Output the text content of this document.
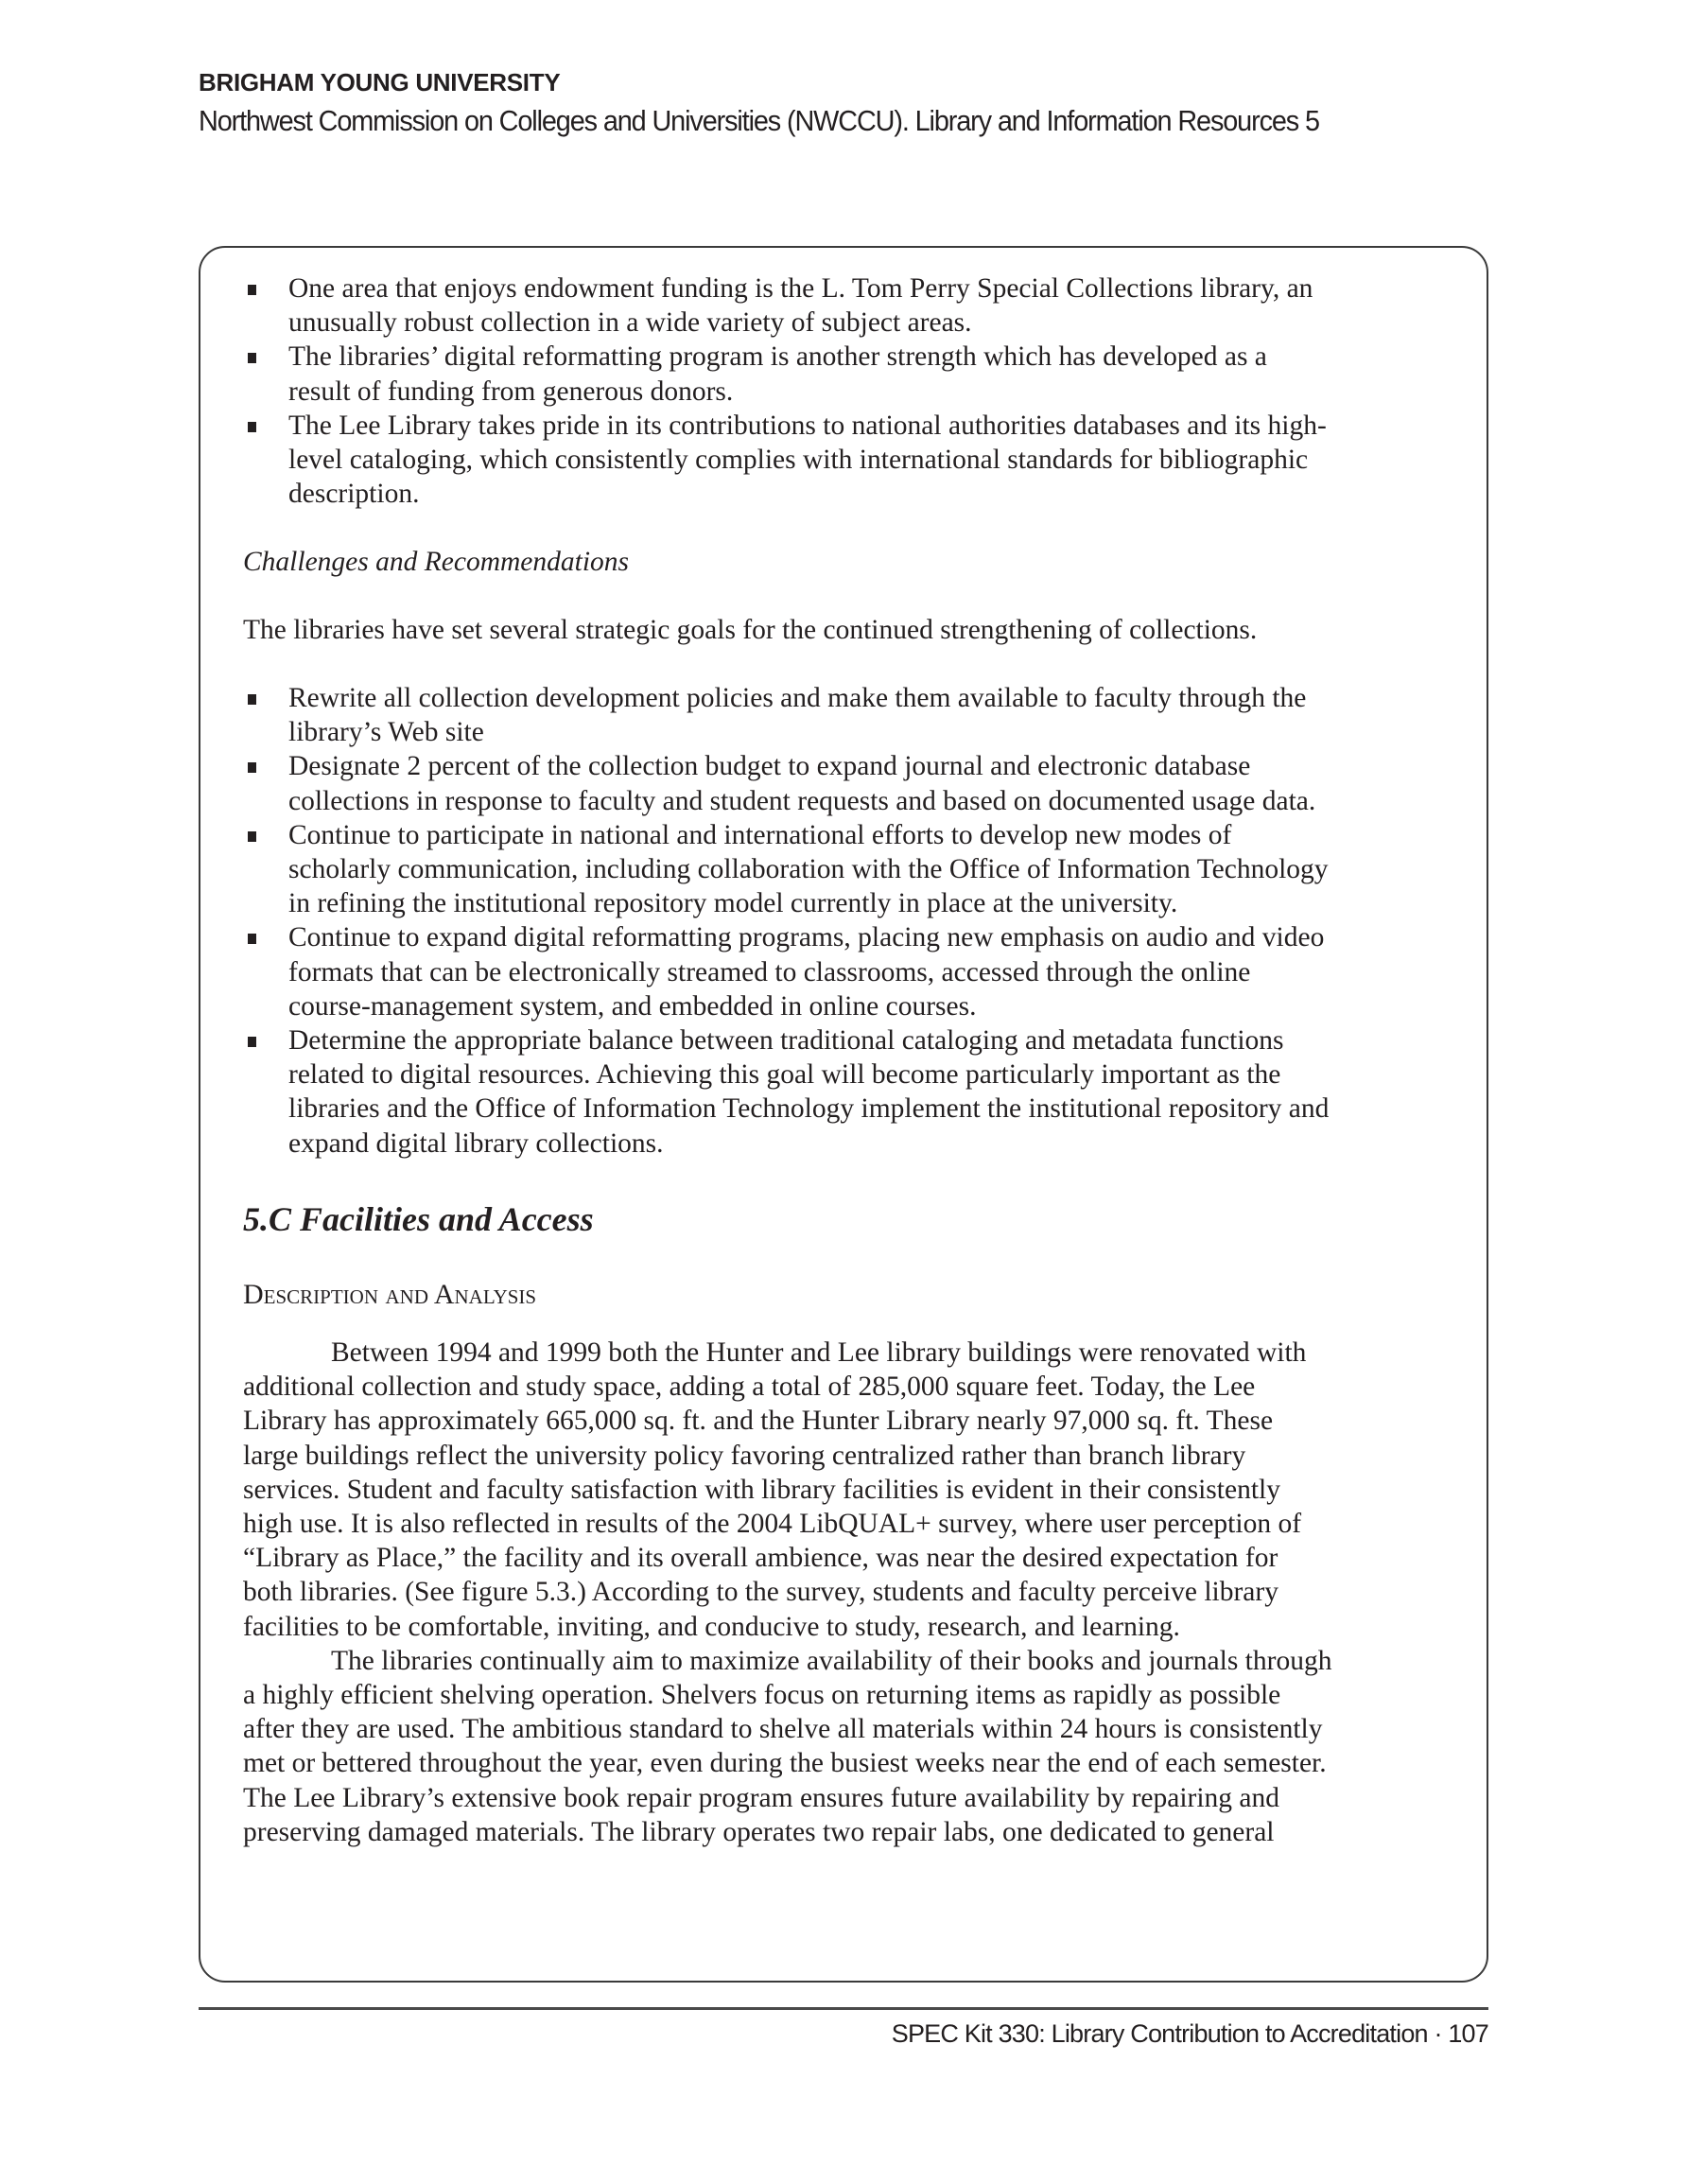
BRIGHAM YOUNG UNIVERSITY
Northwest Commission on Colleges and Universities (NWCCU). Library and Information Resources 5
One area that enjoys endowment funding is the L. Tom Perry Special Collections library, an
unusually robust collection in a wide variety of subject areas.
The libraries’ digital reformatting program is another strength which has developed as a
result of funding from generous donors.
The Lee Library takes pride in its contributions to national authorities databases and its high-
level cataloging, which consistently complies with international standards for bibliographic
description.
Challenges and Recommendations
The libraries have set several strategic goals for the continued strengthening of collections.
Rewrite all collection development policies and make them available to faculty through the
library’s Web site
Designate 2 percent of the collection budget to expand journal and electronic database
collections in response to faculty and student requests and based on documented usage data.
Continue to participate in national and international efforts to develop new modes of
scholarly communication, including collaboration with the Office of Information Technology
in refining the institutional repository model currently in place at the university.
Continue to expand digital reformatting programs, placing new emphasis on audio and video
formats that can be electronically streamed to classrooms, accessed through the online
course-management system, and embedded in online courses.
Determine the appropriate balance between traditional cataloging and metadata functions
related to digital resources. Achieving this goal will become particularly important as the
libraries and the Office of Information Technology implement the institutional repository and
expand digital library collections.
Between 1994 and 1999 both the Hunter and Lee library buildings were renovated with
additional collection and study space, adding a total of 285,000 square feet. Today, the Lee
Library has approximately 665,000 sq. ft. and the Hunter Library nearly 97,000 sq. ft. These
large buildings reflect the university policy favoring centralized rather than branch library
services. Student and faculty satisfaction with library facilities is evident in their consistently
high use. It is also reflected in results of the 2004 LibQUAL+ survey, where user perception of
“Library as Place,” the facility and its overall ambience, was near the desired expectation for
both libraries. (See figure 5.3.) According to the survey, students and faculty perceive library
facilities to be comfortable, inviting, and conducive to study, research, and learning.
The libraries continually aim to maximize availability of their books and journals through
a highly efficient shelving operation. Shelvers focus on returning items as rapidly as possible
after they are used. The ambitious standard to shelve all materials within 24 hours is consistently
met or bettered throughout the year, even during the busiest weeks near the end of each semester.
The Lee Library’s extensive book repair program ensures future availability by repairing and
preserving damaged materials. The library operates two repair labs, one dedicated to general
5.C Facilities and Access
Description and Analysis
SPEC Kit 330: Library Contribution to Accreditation · 107
